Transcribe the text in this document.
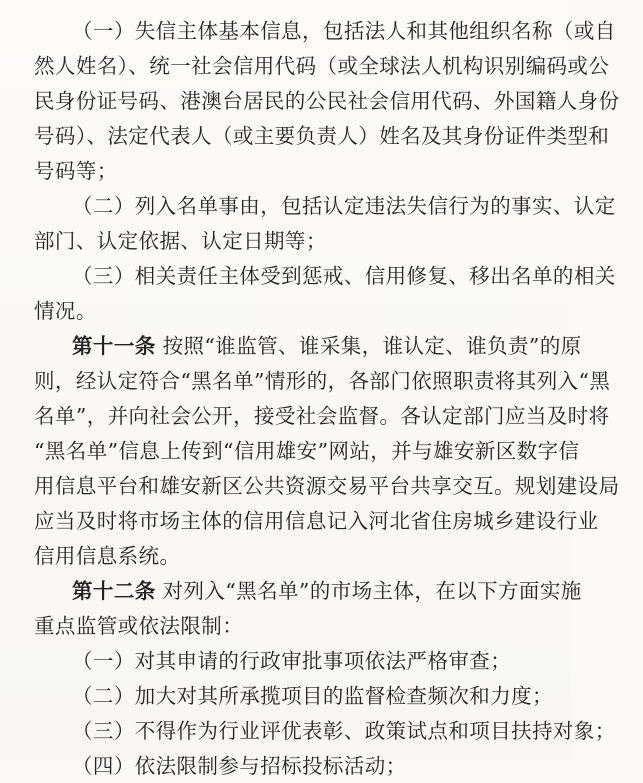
（一）失信主体基本信息，包括法人和其他组织名称（或自
然人姓名）、统一社会信用代码（或全球法人机构识别编码或公
民身份证号码、港澳台居民的公民社会信用代码、外国籍人身份
号码）、法定代表人（或主要负责人）姓名及其身份证件类型和
号码等；
（二）列入名单事由，包括认定违法失信行为的事实、认定
部门、认定依据、认定日期等；
（三）相关责任主体受到惩戒、信用修复、移出名单的相关
情况。
第十一条 按照“谁监管、谁采集，谁认定、谁负责”的原
则，经认定符合“黑名单”情形的，各部门依照职责将其列入“黑
名单”，并向社会公开，接受社会监督。各认定部门应当及时将
“黑名单”信息上传到“信用雄安”网站，并与雄安新区数字信
用信息平台和雄安新区公共资源交易平台共享交互。规划建设局
应当及时将市场主体的信用信息记入河北省住房城乡建设行业
信用信息系统。
第十二条 对列入“黑名单”的市场主体，在以下方面实施
重点监管或依法限制：
（一）对其申请的行政审批事项依法严格审查；
（二）加大对其所承揽项目的监督检查频次和力度；
（三）不得作为行业评优表彰、政策试点和项目扶持对象；
（四）依法限制参与招标投标活动；
